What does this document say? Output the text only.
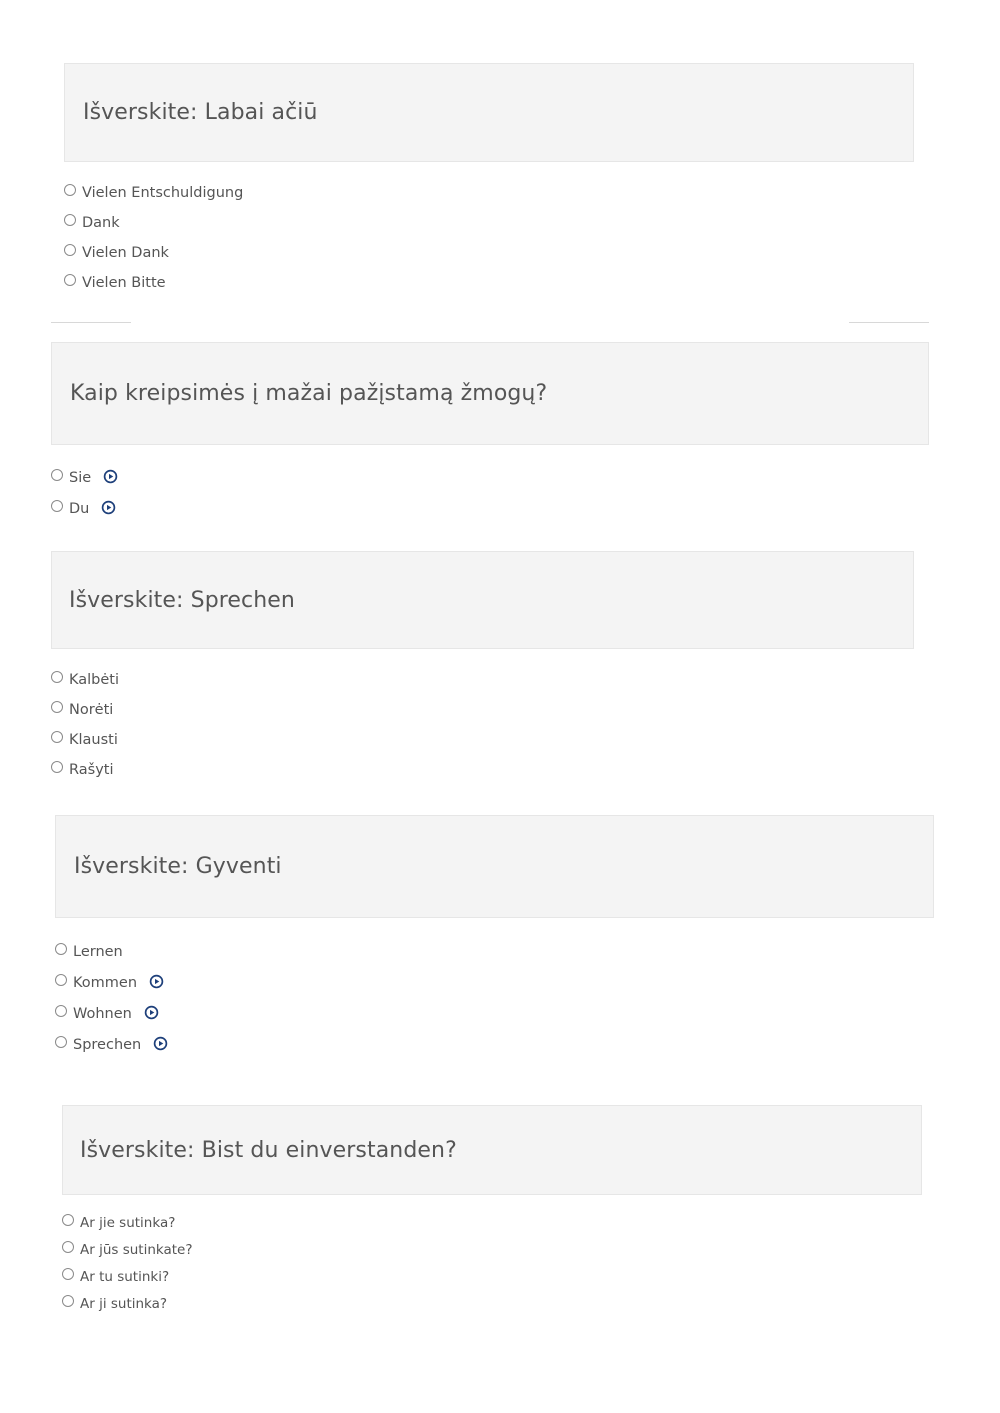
Išverskite: Labai ačiū
Vielen Entschuldigung
Dank
Vielen Dank
Vielen Bitte
Kaip kreipsimės į mažai pažįstamą žmogų?
Sie
Du
Išverskite: Sprechen
Kalbėti
Norėti
Klausti
Rašyti
Išverskite: Gyventi
Lernen
Kommen
Wohnen
Sprechen
Išverskite: Bist du einverstanden?
Ar jie sutinka?
Ar jūs sutinkate?
Ar tu sutinki?
Ar ji sutinka?
